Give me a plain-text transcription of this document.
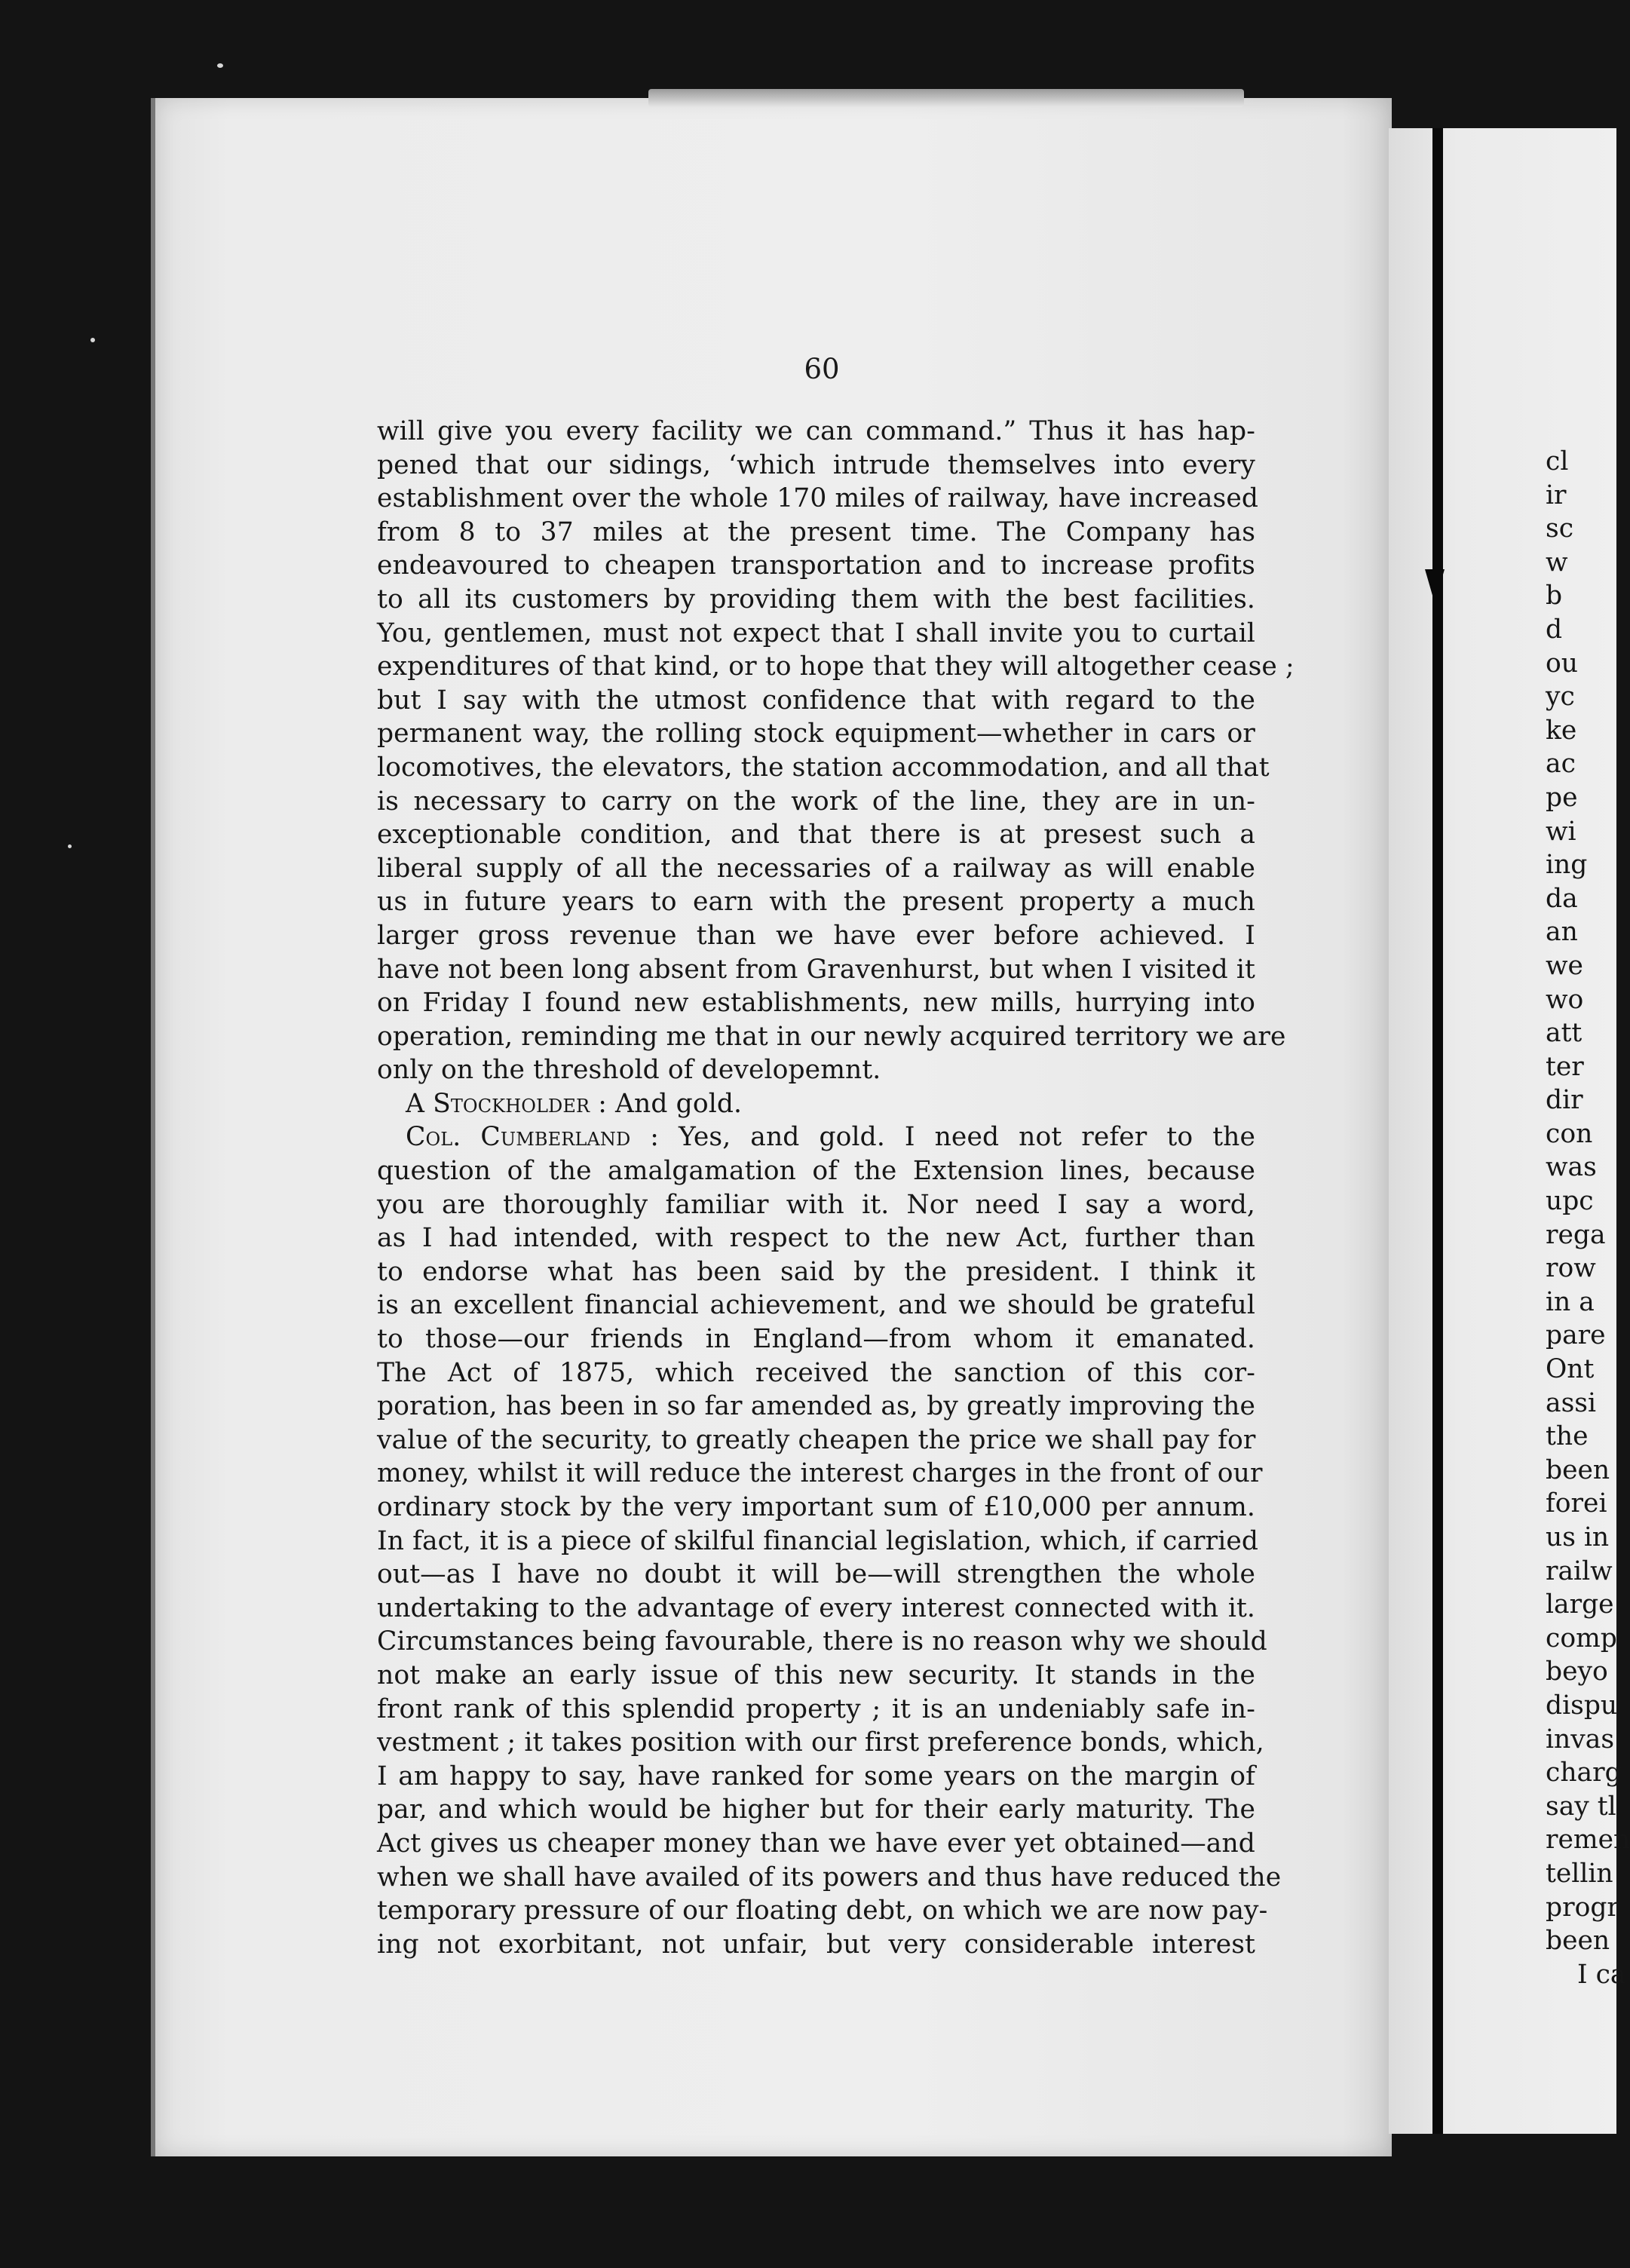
60
will give you every facility we can command.” Thus it has hap-
pened that our sidings, ‘which intrude themselves into every
establishment over the whole 170 miles of railway, have increased
from 8 to 37 miles at the present time. The Company has
endeavoured to cheapen transportation and to increase profits
to all its customers by providing them with the best facilities.
You, gentlemen, must not expect that I shall invite you to curtail
expenditures of that kind, or to hope that they will altogether cease ;
but I say with the utmost confidence that with regard to the
permanent way, the rolling stock equipment—whether in cars or
locomotives, the elevators, the station accommodation, and all that
is necessary to carry on the work of the line, they are in un-
exceptionable condition, and that there is at presest such a
liberal supply of all the necessaries of a railway as will enable
us in future years to earn with the present property a much
larger gross revenue than we have ever before achieved. I
have not been long absent from Gravenhurst, but when I visited it
on Friday I found new establishments, new mills, hurrying into
operation, reminding me that in our newly acquired territory we are
only on the threshold of developemnt.
A Stockholder : And gold.
Col. Cumberland : Yes, and gold. I need not refer to the
question of the amalgamation of the Extension lines, because
you are thoroughly familiar with it. Nor need I say a word,
as I had intended, with respect to the new Act, further than
to endorse what has been said by the president. I think it
is an excellent financial achievement, and we should be grateful
to those—our friends in England—from whom it emanated.
The Act of 1875, which received the sanction of this cor-
poration, has been in so far amended as, by greatly improving the
value of the security, to greatly cheapen the price we shall pay for
money, whilst it will reduce the interest charges in the front of our
ordinary stock by the very important sum of £10,000 per annum.
In fact, it is a piece of skilful financial legislation, which, if carried
out—as I have no doubt it will be—will strengthen the whole
undertaking to the advantage of every interest connected with it.
Circumstances being favourable, there is no reason why we should
not make an early issue of this new security. It stands in the
front rank of this splendid property ; it is an undeniably safe in-
vestment ; it takes position with our first preference bonds, which,
I am happy to say, have ranked for some years on the margin of
par, and which would be higher but for their early maturity. The
Act gives us cheaper money than we have ever yet obtained—and
when we shall have availed of its powers and thus have reduced the
temporary pressure of our floating debt, on which we are now pay-
ing not exorbitant, not unfair, but very considerable interest
cl
ir
sc
w
b
d
ou
yc
ke
ac
pe
wi
ing
da
an
we
wo
att
ter
dir
con
was
upc
rega
row
in a
pare
Ont
assi
the
been
forei
us in
railw
large
comp
beyo
dispu
invas
charg
say tl
remen
tellin
progr
been
I ca
